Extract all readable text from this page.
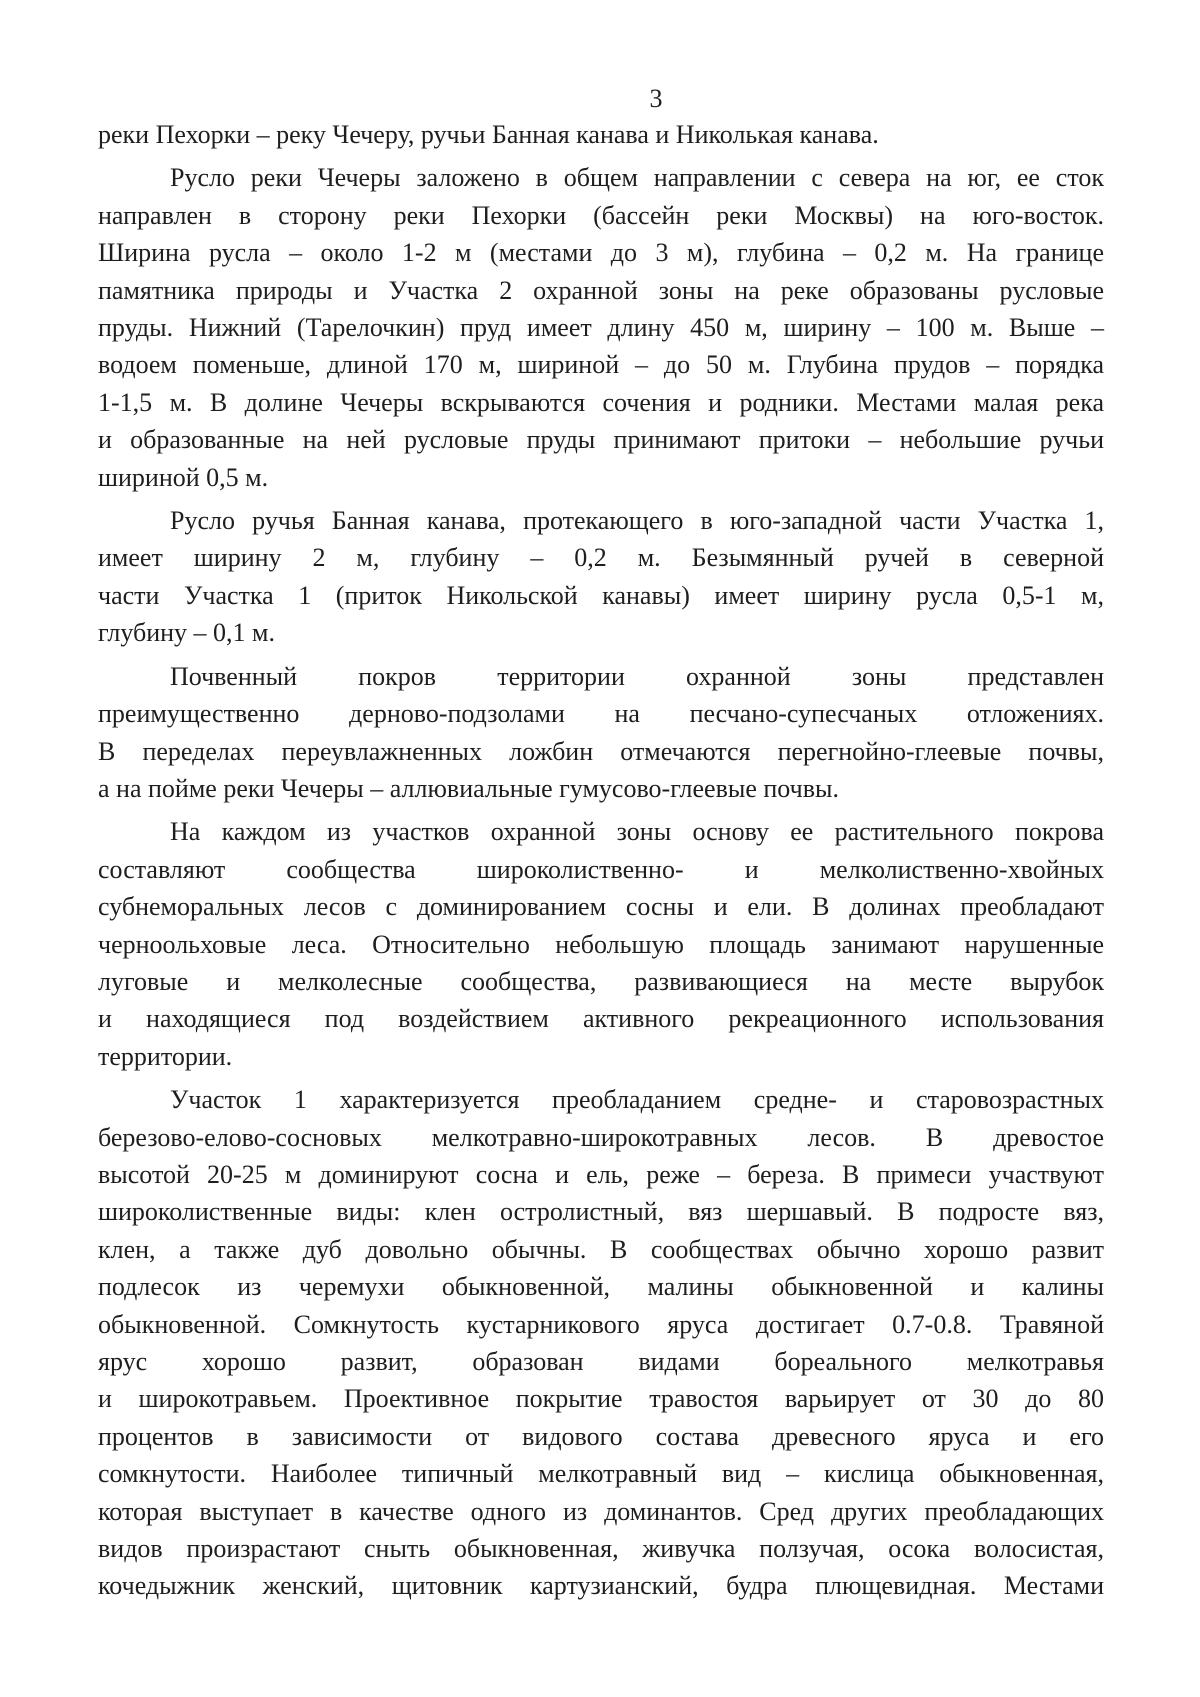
3
реки Пехорки – реку Чечеру, ручьи Банная канава и Николькая канава.
Русло реки Чечеры заложено в общем направлении с севера на юг, ее сток
направлен в сторону реки Пехорки (бассейн реки Москвы) на юго-восток.
Ширина русла – около 1-2 м (местами до 3 м), глубина – 0,2 м. На границе
памятника природы и Участка 2 охранной зоны на реке образованы русловые
пруды. Нижний (Тарелочкин) пруд имеет длину 450 м, ширину – 100 м. Выше –
водоем поменьше, длиной 170 м, шириной – до 50 м. Глубина прудов – порядка
1-1,5 м. В долине Чечеры вскрываются сочения и родники. Местами малая река
и образованные на ней русловые пруды принимают притоки – небольшие ручьи
шириной 0,5 м.
Русло ручья Банная канава, протекающего в юго-западной части Участка 1,
имеет ширину 2 м, глубину – 0,2 м. Безымянный ручей в северной
части Участка 1 (приток Никольской канавы) имеет ширину русла 0,5-1 м,
глубину – 0,1 м.
Почвенный покров территории охранной зоны представлен
преимущественно дерново-подзолами на песчано-супесчаных отложениях.
В переделах переувлажненных ложбин отмечаются перегнойно-глеевые почвы,
а на пойме реки Чечеры – аллювиальные гумусово-глеевые почвы.
На каждом из участков охранной зоны основу ее растительного покрова
составляют сообщества широколиственно- и мелколиственно-хвойных
субнеморальных лесов с доминированием сосны и ели. В долинах преобладают
черноольховые леса. Относительно небольшую площадь занимают нарушенные
луговые и мелколесные сообщества, развивающиеся на месте вырубок
и находящиеся под воздействием активного рекреационного использования
территории.
Участок 1 характеризуется преобладанием средне- и старовозрастных
березово-елово-сосновых мелкотравно-широкотравных лесов. В древостое
высотой 20-25 м доминируют сосна и ель, реже – береза. В примеси участвуют
широколиственные виды: клен остролистный, вяз шершавый. В подросте вяз,
клен, а также дуб довольно обычны. В сообществах обычно хорошо развит
подлесок из черемухи обыкновенной, малины обыкновенной и калины
обыкновенной. Сомкнутость кустарникового яруса достигает 0.7-0.8. Травяной
ярус хорошо развит, образован видами бореального мелкотравья
и широкотравьем. Проективное покрытие травостоя варьирует от 30 до 80
процентов в зависимости от видового состава древесного яруса и его
сомкнутости. Наиболее типичный мелкотравный вид – кислица обыкновенная,
которая выступает в качестве одного из доминантов. Сред других преобладающих
видов произрастают сныть обыкновенная, живучка ползучая, осока волосистая,
кочедыжник женский, щитовник картузианский, будра плющевидная. Местами
